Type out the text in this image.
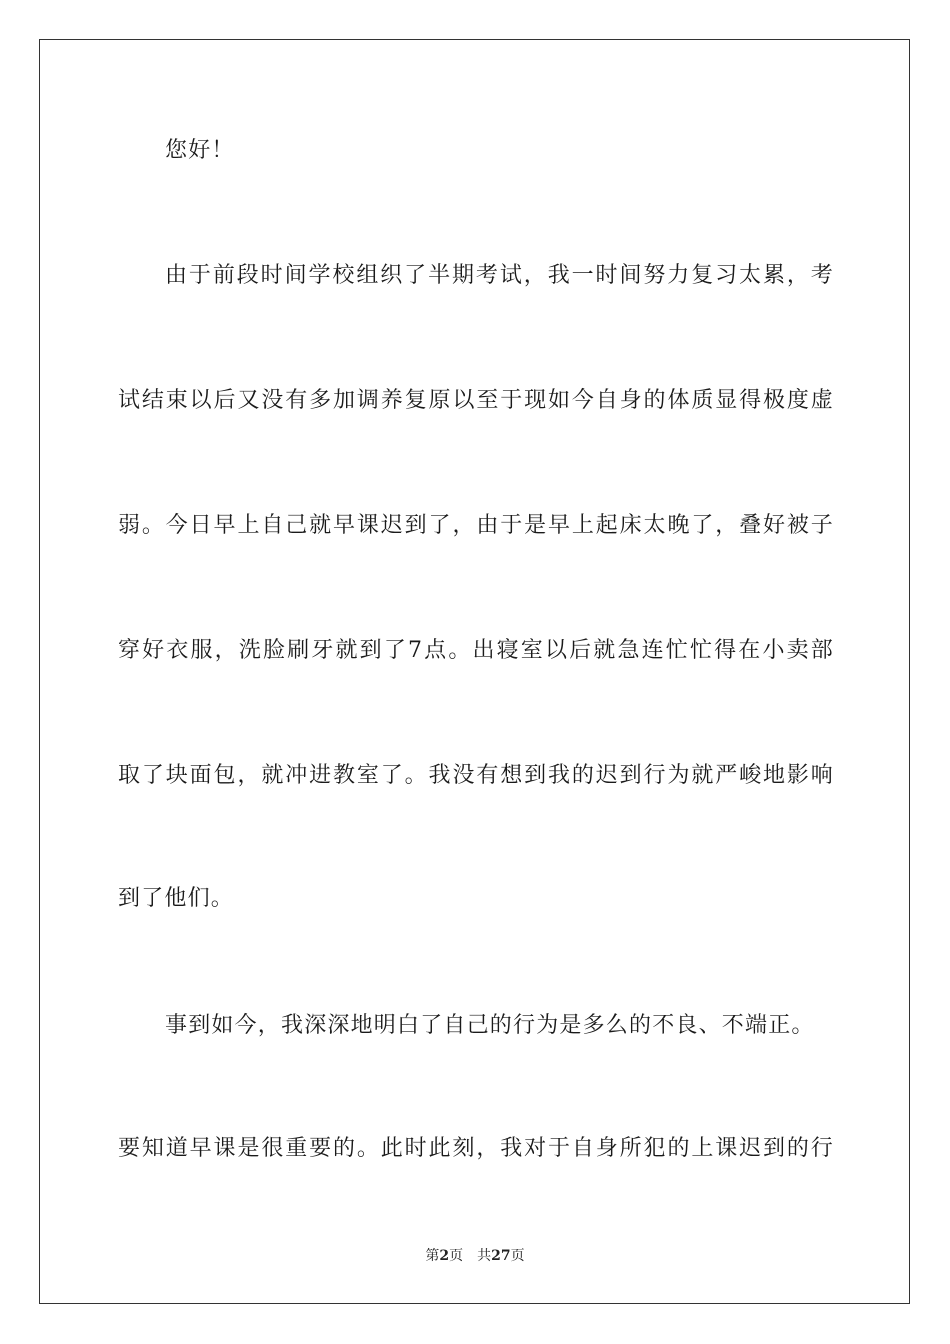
您好！
由于前段时间学校组织了半期考试，我一时间努力复习太累，考
试结束以后又没有多加调养复原以至于现如今自身的体质显得极度虚
弱。今日早上自己就早课迟到了，由于是早上起床太晚了，叠好被子
穿好衣服，洗脸刷牙就到了7点。出寝室以后就急连忙忙得在小卖部
取了块面包，就冲进教室了。我没有想到我的迟到行为就严峻地影响
到了他们。
事到如今，我深深地明白了自己的行为是多么的不良、不端正。
要知道早课是很重要的。此时此刻，我对于自身所犯的上课迟到的行
第2页 共27页
